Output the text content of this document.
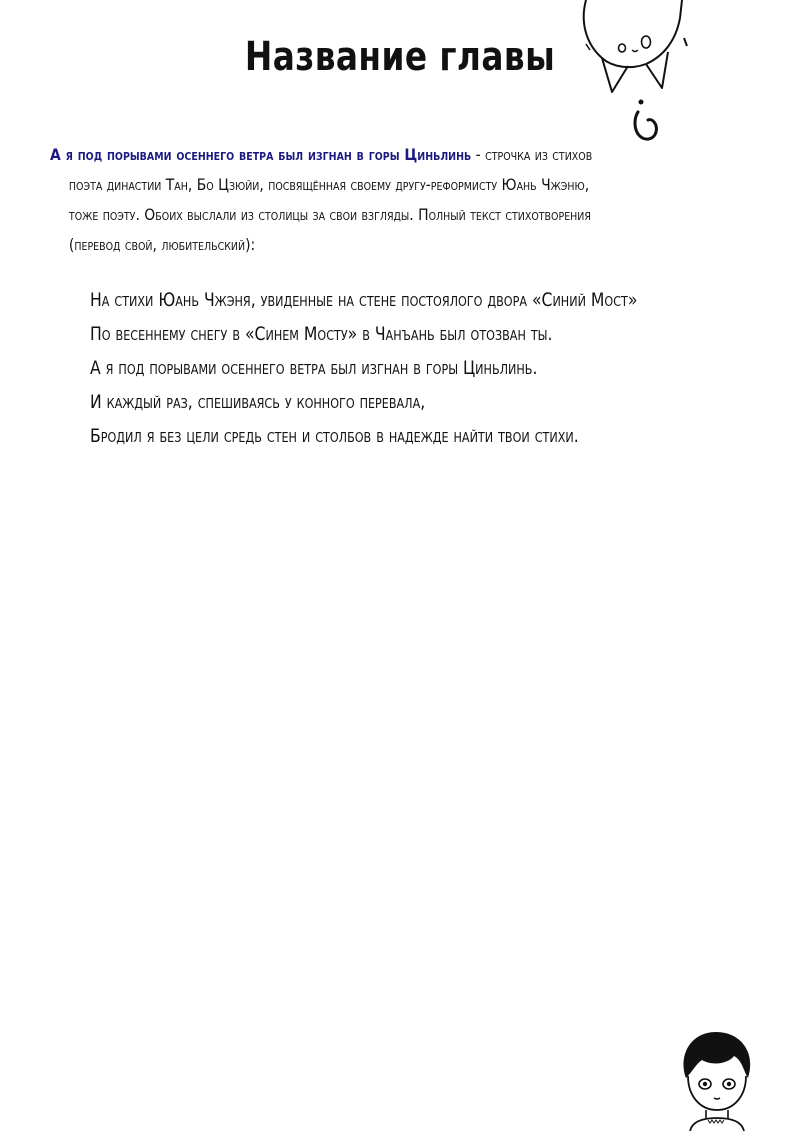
Название главы
А я под порывами осеннего ветра был изгнан в горы Циньлинь - строчка из стихов
поэта династии Тан, Бо Цзюйи, посвящённая своему другу-реформисту Юань Чжэню,
тоже поэту. Обоих выслали из столицы за свои взгляды. Полный текст стихотворения
(перевод свой, любительский):
На стихи Юань Чжэня, увиденные на стене постоялого двора «Синий Мост»
По весеннему снегу в «Синем Мосту» в Чанъань был отозван ты.
А я под порывами осеннего ветра был изгнан в горы Циньлинь.
И каждый раз, спешиваясь у конного перевала,
Бродил я без цели средь стен и столбов в надежде найти твои стихи.
